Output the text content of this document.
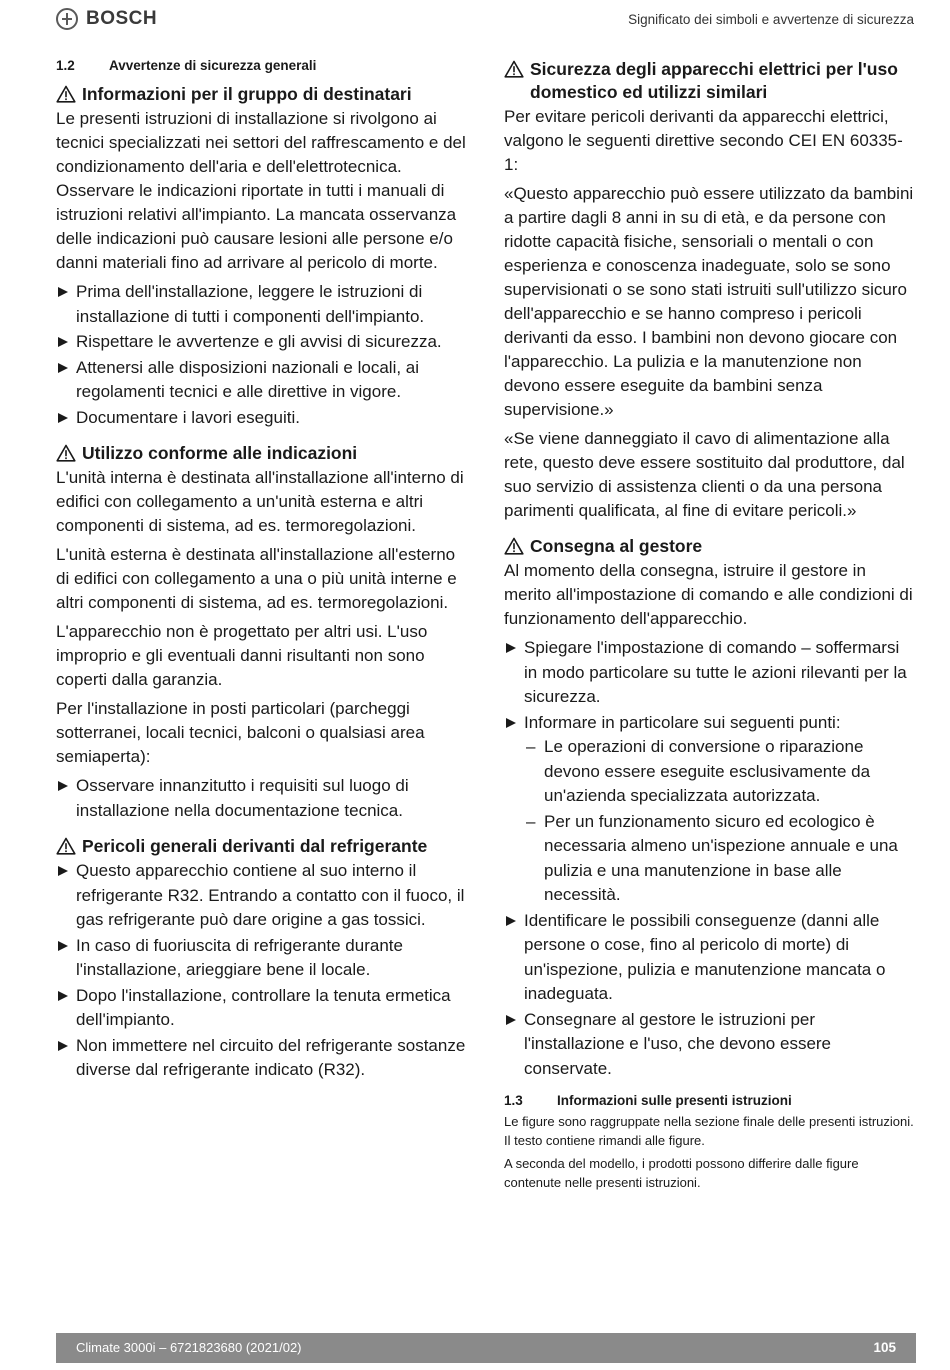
BOSCH	Significato dei simboli e avvertenze di sicurezza
1.2	Avvertenze di sicurezza generali
Informazioni per il gruppo di destinatari
Le presenti istruzioni di installazione si rivolgono ai tecnici specializzati nei settori del raffrescamento e del condizionamento dell'aria e dell'elettrotecnica. Osservare le indicazioni riportate in tutti i manuali di istruzioni relativi all'impianto. La mancata osservanza delle indicazioni può causare lesioni alle persone e/o danni materiali fino ad arrivare al pericolo di morte.
Prima dell'installazione, leggere le istruzioni di installazione di tutti i componenti dell'impianto.
Rispettare le avvertenze e gli avvisi di sicurezza.
Attenersi alle disposizioni nazionali e locali, ai regolamenti tecnici e alle direttive in vigore.
Documentare i lavori eseguiti.
Utilizzo conforme alle indicazioni
L'unità interna è destinata all'installazione all'interno di edifici con collegamento a un'unità esterna e altri componenti di sistema, ad es. termoregolazioni.
L'unità esterna è destinata all'installazione all'esterno di edifici con collegamento a una o più unità interne e altri componenti di sistema, ad es. termoregolazioni.
L'apparecchio non è progettato per altri usi. L'uso improprio e gli eventuali danni risultanti non sono coperti dalla garanzia.
Per l'installazione in posti particolari (parcheggi sotterranei, locali tecnici, balconi o qualsiasi area semiaperta):
Osservare innanzitutto i requisiti sul luogo di installazione nella documentazione tecnica.
Pericoli generali derivanti dal refrigerante
Questo apparecchio contiene al suo interno il refrigerante R32. Entrando a contatto con il fuoco, il gas refrigerante può dare origine a gas tossici.
In caso di fuoriuscita di refrigerante durante l'installazione, arieggiare bene il locale.
Dopo l'installazione, controllare la tenuta ermetica dell'impianto.
Non immettere nel circuito del refrigerante sostanze diverse dal refrigerante indicato (R32).
Sicurezza degli apparecchi elettrici per l'uso domestico ed utilizzi similari
Per evitare pericoli derivanti da apparecchi elettrici, valgono le seguenti direttive secondo CEI EN 60335-1:
«Questo apparecchio può essere utilizzato da bambini a partire dagli 8 anni in su di età, e da persone con ridotte capacità fisiche, sensoriali o mentali o con esperienza e conoscenza inadeguate, solo se sono supervisionati o se sono stati istruiti sull'utilizzo sicuro dell'apparecchio e se hanno compreso i pericoli derivanti da esso. I bambini non devono giocare con l'apparecchio. La pulizia e la manutenzione non devono essere eseguite da bambini senza supervisione.»
«Se viene danneggiato il cavo di alimentazione alla rete, questo deve essere sostituito dal produttore, dal suo servizio di assistenza clienti o da una persona parimenti qualificata, al fine di evitare pericoli.»
Consegna al gestore
Al momento della consegna, istruire il gestore in merito all'impostazione di comando e alle condizioni di funzionamento dell'apparecchio.
Spiegare l'impostazione di comando – soffermarsi in modo particolare su tutte le azioni rilevanti per la sicurezza.
Informare in particolare sui seguenti punti:
– Le operazioni di conversione o riparazione devono essere eseguite esclusivamente da un'azienda specializzata autorizzata.
– Per un funzionamento sicuro ed ecologico è necessaria almeno un'ispezione annuale e una pulizia e una manutenzione in base alle necessità.
Identificare le possibili conseguenze (danni alle persone o cose, fino al pericolo di morte) di un'ispezione, pulizia e manutenzione mancata o inadeguata.
Consegnare al gestore le istruzioni per l'installazione e l'uso, che devono essere conservate.
1.3	Informazioni sulle presenti istruzioni
Le figure sono raggruppate nella sezione finale delle presenti istruzioni. Il testo contiene rimandi alle figure.
A seconda del modello, i prodotti possono differire dalle figure contenute nelle presenti istruzioni.
Climate 3000i – 6721823680 (2021/02)	105
